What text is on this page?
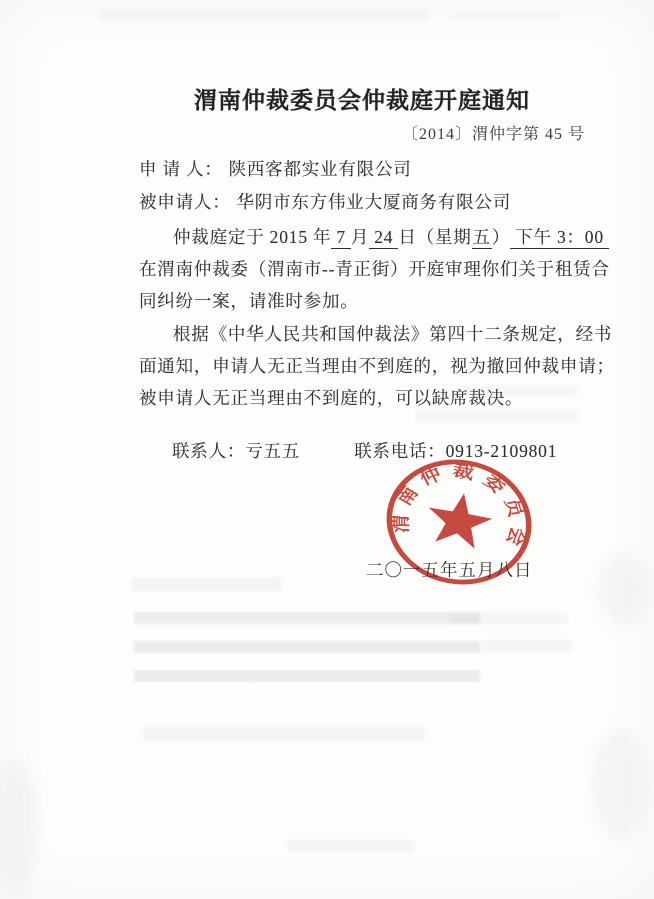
渭南仲裁委员会仲裁庭开庭通知
〔2014〕渭仲字第 45 号
申 请 人： 陕西客都实业有限公司
被申请人： 华阴市东方伟业大厦商务有限公司
仲裁庭定于 2015 年 7 月 24 日（星期五） 下午 3：00
在渭南仲裁委（渭南市--青正街）开庭审理你们关于租赁合
同纠纷一案，请准时参加。
根据《中华人民共和国仲裁法》第四十二条规定，经书
面通知，申请人无正当理由不到庭的，视为撤回仲裁申请；
被申请人无正当理由不到庭的，可以缺席裁决。
联系人：亏五五	联系电话：0913-2109801
渭南仲裁委员会
二〇一五年五月八日
